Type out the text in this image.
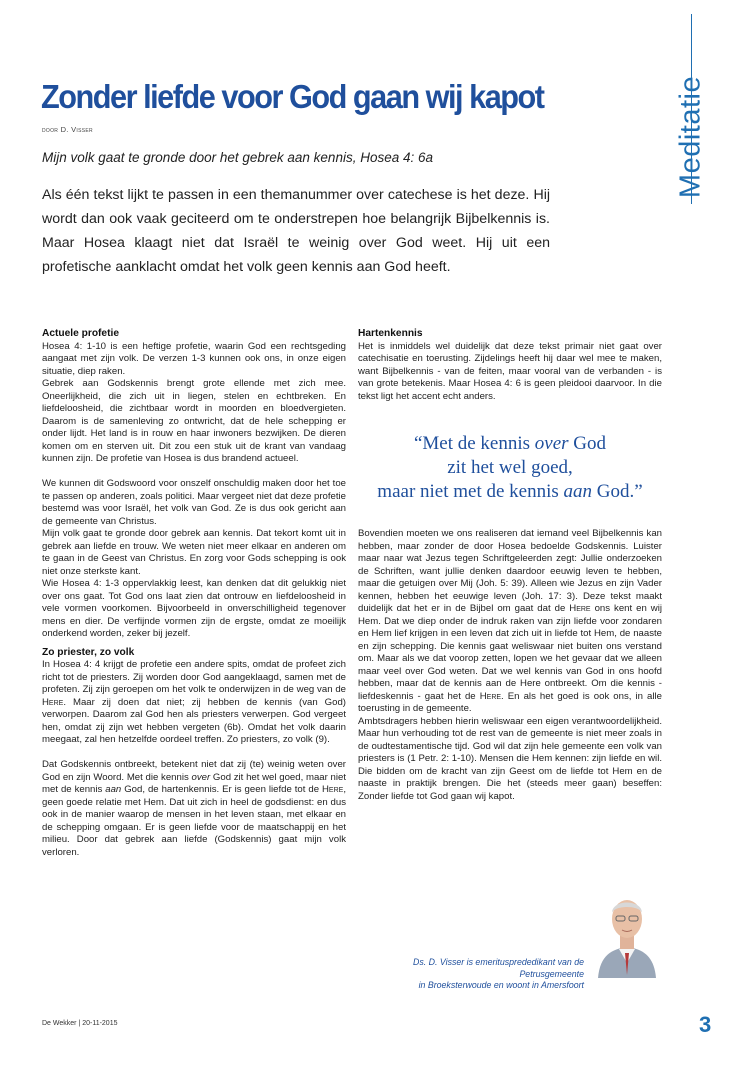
Meditatie
Zonder liefde voor God gaan wij kapot
door D. Visser
Mijn volk gaat te gronde door het gebrek aan kennis, Hosea 4: 6a

Als één tekst lijkt te passen in een themanummer over catechese is het deze. Hij wordt dan ook vaak geciteerd om te onderstrepen hoe belangrijk Bijbelkennis is. Maar Hosea klaagt niet dat Israël te weinig over God weet. Hij uit een profetische aanklacht omdat het volk geen kennis aan God heeft.

Actuele profetie

Hosea 4: 1-10 is een heftige profetie, waarin God een rechtsgeding aangaat met zijn volk. De verzen 1-3 kunnen ook ons, in onze eigen situatie, diep raken.

Gebrek aan Godskennis brengt grote ellende met zich mee. Oneerlijkheid, die zich uit in liegen, stelen en echtbreken. En liefdeloosheid, die zichtbaar wordt in moorden en bloedvergieten. Daarom is de samenleving zo ontwricht, dat de hele schepping er onder lijdt. Het land is in rouw en haar inwoners bezwijken. De dieren komen om en sterven uit. Dit zou een stuk uit de krant van vandaag kunnen zijn. De profetie van Hosea is dus brandend actueel.

We kunnen dit Godswoord voor onszelf onschuldig maken door het toe te passen op anderen, zoals politici. Maar vergeet niet dat deze profetie bestemd was voor Israël, het volk van God. Ze is dus ook gericht aan de gemeente van Christus.

Mijn volk gaat te gronde door gebrek aan kennis. Dat tekort komt uit in gebrek aan liefde en trouw. We weten niet meer elkaar en anderen om te gaan in de Geest van Christus. En zorg voor Gods schepping is ook niet onze sterkste kant.

Wie Hosea 4: 1-3 oppervlakkig leest, kan denken dat dit gelukkig niet over ons gaat. Tot God ons laat zien dat ontrouw en liefdeloosheid in vele vormen voorkomen. Bijvoorbeeld in onverschilligheid tegenover mens en dier. De verfijnde vormen zijn de ergste, omdat ze moeilijk onderkend worden, zeker bij jezelf.

Zo priester, zo volk

In Hosea 4: 4 krijgt de profetie een andere spits, omdat de profeet zich richt tot de priesters. Zij worden door God aangeklaagd, samen met de profeten. Zij zijn geroepen om het volk te onderwijzen in de weg van de Here. Maar zij doen dat niet; zij hebben de kennis (van God) verworpen. Daarom zal God hen als priesters verwerpen. God vergeet hen, omdat zij zijn wet hebben vergeten (6b). Omdat het volk daarin meegaat, zal hen hetzelfde oordeel treffen. Zo priesters, zo volk (9).

Dat Godskennis ontbreekt, betekent niet dat zij (te) weinig weten over God en zijn Woord. Met die kennis over God zit het wel goed, maar niet met de kennis aan God, de hartenkennis. Er is geen liefde tot de Here, geen goede relatie met Hem. Dat uit zich in heel de godsdienst: en dus ook in de manier waarop de mensen in het leven staan, met elkaar en de schepping omgaan. Er is geen liefde voor de maatschappij en het milieu. Door dat gebrek aan liefde (Godskennis) gaat mijn volk verloren.

Hartenkennis

Het is inmiddels wel duidelijk dat deze tekst primair niet gaat over catechisatie en toerusting. Zijdelings heeft hij daar wel mee te maken, want Bijbelkennis - van de feiten, maar vooral van de verbanden - is van grote betekenis. Maar Hosea 4: 6 is geen pleidooi daarvoor. In die tekst ligt het accent echt anders.

“Met de kennis over God
zit het wel goed,
maar niet met de kennis aan God.”

Bovendien moeten we ons realiseren dat iemand veel Bijbelkennis kan hebben, maar zonder de door Hosea bedoelde Godskennis. Luister maar naar wat Jezus tegen Schriftgeleerden zegt: Jullie onderzoeken de Schriften, want jullie denken daardoor eeuwig leven te hebben, maar die getuigen over Mij (Joh. 5: 39). Alleen wie Jezus en zijn Vader kennen, hebben het eeuwige leven (Joh. 17: 3). Deze tekst maakt duidelijk dat het er in de Bijbel om gaat dat de Here ons kent en wij Hem. Dat we diep onder de indruk raken van zijn liefde voor zondaren en Hem lief krijgen in een leven dat zich uit in liefde tot Hem, de naaste en zijn schepping. Die kennis gaat weliswaar niet buiten ons verstand om. Maar als we dat voorop zetten, lopen we het gevaar dat we alleen maar veel over God weten. Dat we wel kennis van God in ons hoofd hebben, maar dat de kennis aan de Here ontbreekt. Om die kennis - liefdeskennis - gaat het de Here. En als het goed is ook ons, in alle toerusting in de gemeente.

Ambtsdragers hebben hierin weliswaar een eigen verantwoordelijkheid. Maar hun verhouding tot de rest van de gemeente is niet meer zoals in de oudtestamentische tijd. God wil dat zijn hele gemeente een volk van priesters is (1 Petr. 2: 1-10). Mensen die Hem kennen: zijn liefde en wil. Die bidden om de kracht van zijn Geest om de liefde tot Hem en de naaste in praktijk brengen. Die het (steeds meer gaan) beseffen: Zonder liefde tot God gaan wij kapot.

Ds. D. Visser is emeritusprededikant van de Petrusgemeente
in Broeksterwoude en woont in Amersfoort
De Wekker | 20-11-2015	3
